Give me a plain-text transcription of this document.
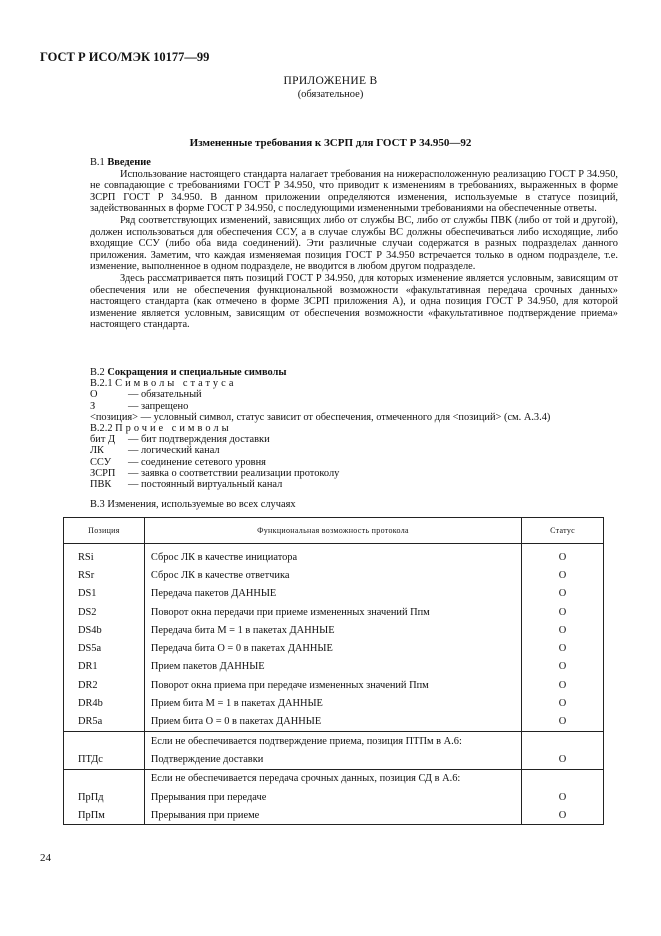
ГОСТ Р ИСО/МЭК 10177—99
ПРИЛОЖЕНИЕ В
(обязательное)
Измененные требования к ЗСРП для ГОСТ Р 34.950—92
В.1 Введение

Использование настоящего стандарта налагает требования на нижерасположенную реализацию ГОСТ Р 34.950, не совпадающие с требованиями ГОСТ Р 34.950, что приводит к изменениям в требованиях, выраженных в форме ЗСРП ГОСТ Р 34.950. В данном приложении определяются изменения, используемые в статусе позиций, задействованных в форме ГОСТ Р 34.950, с последующими измененными требованиями на обеспеченные ответы.

Ряд соответствующих изменений, зависящих либо от службы ВС, либо от службы ПВК (либо от той и другой), должен использоваться для обеспечения ССУ, а в случае службы ВС должны обеспечиваться либо исходящие, либо входящие ССУ (либо оба вида соединений). Эти различные случаи содержатся в разных подразделах данного приложения. Заметим, что каждая изменяемая позиция ГОСТ Р 34.950 встречается только в одном подразделе, т.е. изменение, выполненное в одном подразделе, не вводится в любом другом подразделе.

Здесь рассматривается пять позиций ГОСТ Р 34.950, для которых изменение является условным, зависящим от обеспечения или не обеспечения функциональной возможности «факультативная передача срочных данных» настоящего стандарта (как отмечено в форме ЗСРП приложения А), и одна позиция ГОСТ Р 34.950, для которой изменение является условным, зависящим от обеспечения возможности «факультативное подтверждение приема» настоящего стандарта.

В.2 Сокращения и специальные символы
В.2.1 Символы статуса
О	— обязательный
З	— запрещено
<позиция> — условный символ, статус зависит от обеспечения, отмеченного для <позиций> (см. А.3.4)
В.2.2 Прочие символы
бит Д — бит подтверждения доставки
ЛК — логический канал
ССУ — соединение сетевого уровня
ЗСРП — заявка о соответствии реализации протоколу
ПВК — постоянный виртуальный канал
В.3 Изменения, используемые во всех случаях
Позиция	Функциональная возможность протокола	Статус
RSi	Сброс ЛК в качестве инициатора	О
RSr	Сброс ЛК в качестве ответчика	О
DS1	Передача пакетов ДАННЫЕ	О
DS2	Поворот окна передачи при приеме измененных значений Ппм	О
DS4b	Передача бита М = 1 в пакетах ДАННЫЕ	О
DS5a	Передача бита О = 0 в пакетах ДАННЫЕ	О
DR1	Прием пакетов ДАННЫЕ	О
DR2	Поворот окна приема при передаче измененных значений Ппм	О
DR4b	Прием бита М = 1 в пакетах ДАННЫЕ	О
DR5a	Прием бита О = 0 в пакетах ДАННЫЕ	О
	Если не обеспечивается подтверждение приема, позиция ПТПм в А.6:	
ПТДс	Подтверждение доставки	О
	Если не обеспечивается передача срочных данных, позиция СД в А.6:	
ПрПд	Прерывания при передаче	О
ПрПм	Прерывания при приеме	О
24
